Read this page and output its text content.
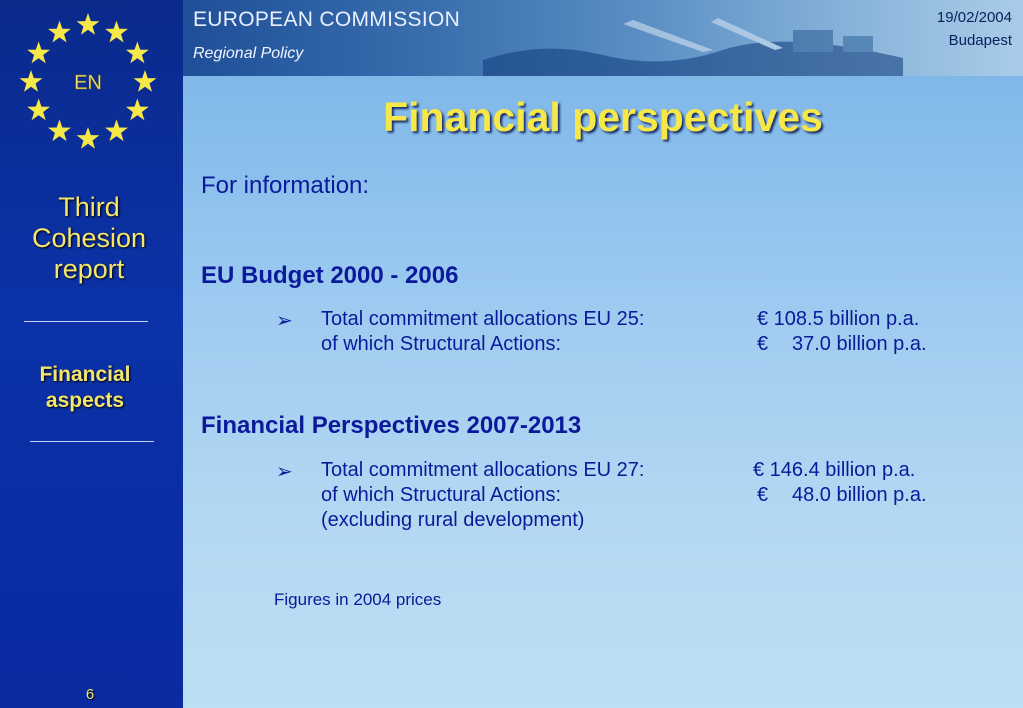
EN
Third
Cohesion
report
Financial
aspects
6
EUROPEAN COMMISSION
Regional Policy
19/02/2004
Budapest
Financial perspectives
For information:
EU Budget 2000 - 2006
➢ Total commitment allocations EU 25:	€ 108.5 billion p.a.
of which Structural Actions:	€ 37.0 billion p.a.
Financial Perspectives 2007-2013
➢ Total commitment allocations EU 27:	€ 146.4 billion p.a.
of which Structural Actions:	€ 48.0 billion p.a.
(excluding rural development)
Figures in 2004 prices
